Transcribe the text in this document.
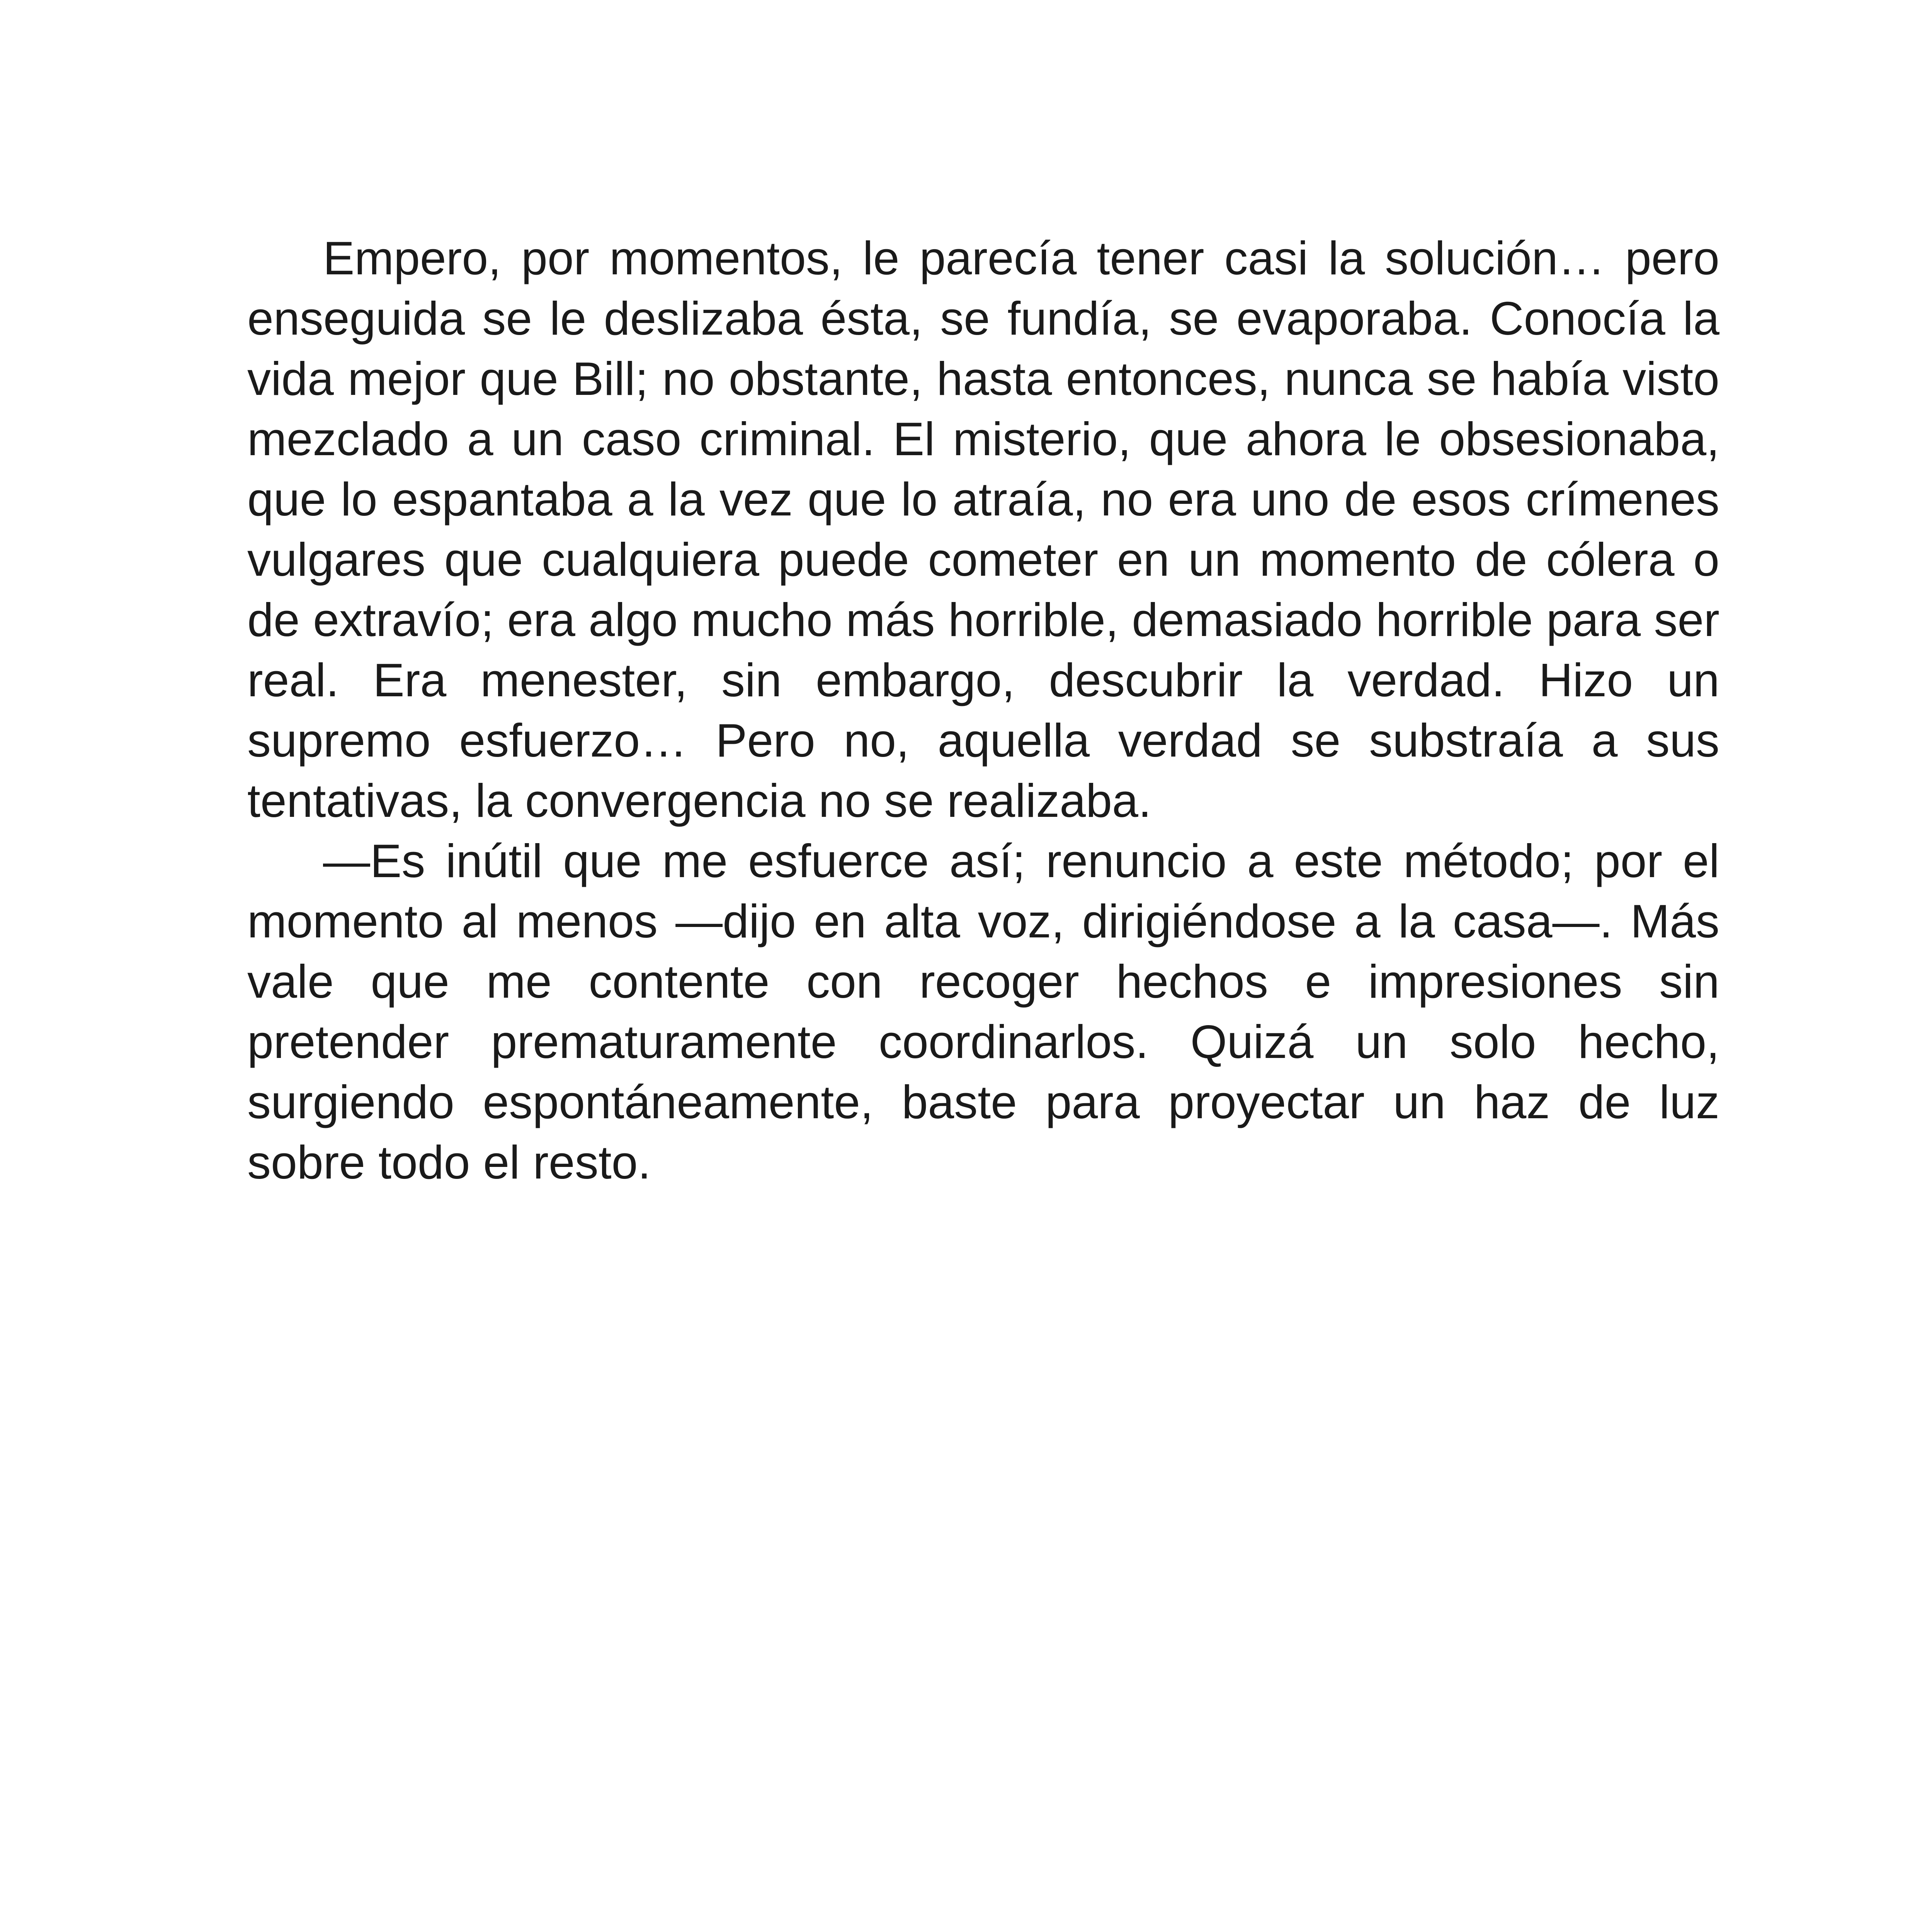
Empero, por momentos, le parecía tener casi la solución… pero enseguida se le deslizaba ésta, se fundía, se evaporaba. Conocía la vida mejor que Bill; no obstante, hasta entonces, nunca se había visto mezclado a un caso criminal. El misterio, que ahora le obsesionaba, que lo espantaba a la vez que lo atraía, no era uno de esos crímenes vulgares que cualquiera puede cometer en un momento de cólera o de extravío; era algo mucho más horrible, demasiado horrible para ser real. Era menester, sin embargo, descubrir la verdad. Hizo un supremo esfuerzo… Pero no, aquella verdad se substraía a sus tentativas, la convergencia no se realizaba.

—Es inútil que me esfuerce así; renuncio a este método; por el momento al menos —dijo en alta voz, dirigiéndose a la casa—. Más vale que me contente con recoger hechos e impresiones sin pretender prematuramente coordinarlos. Quizá un solo hecho, surgiendo espontáneamente, baste para proyectar un haz de luz sobre todo el resto.
